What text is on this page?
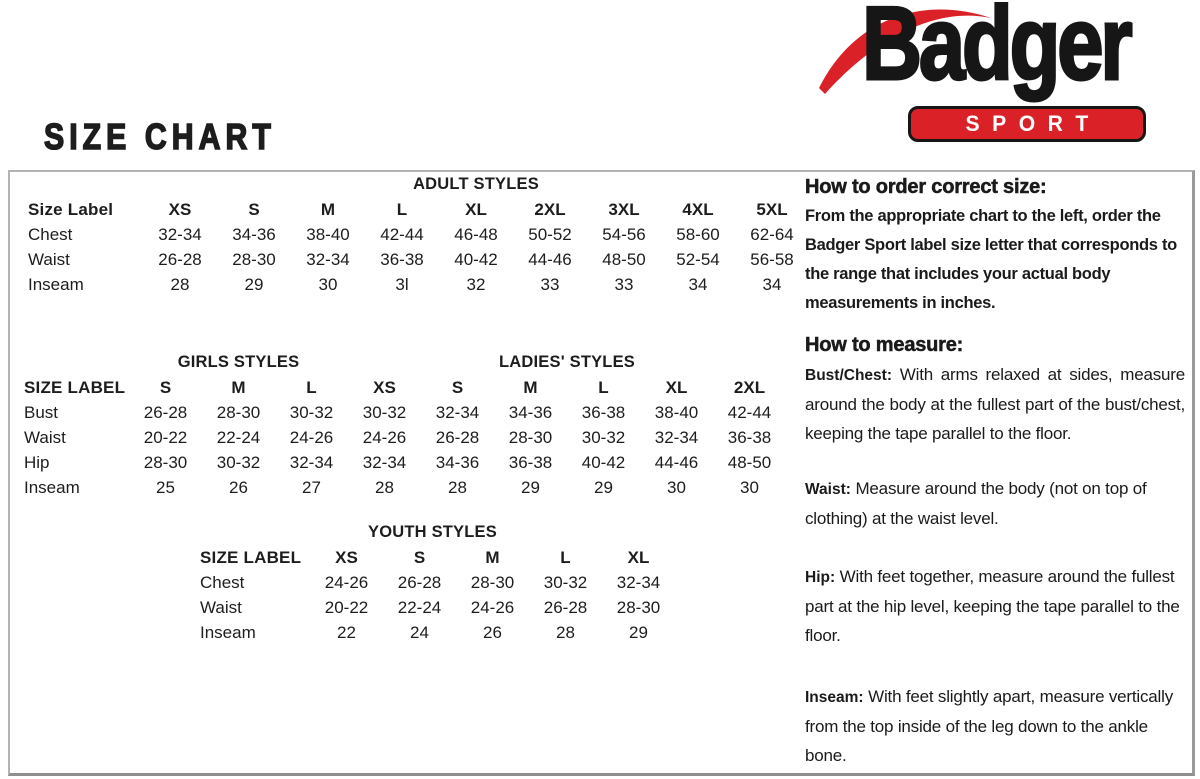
SIZE CHART
Badger
SPORT
ADULT STYLES
Size Label	XS	S	M	L	XL	2XL	3XL	4XL	5XL
Chest	32-34	34-36	38-40	42-44	46-48	50-52	54-56	58-60	62-64
Waist	26-28	28-30	32-34	36-38	40-42	44-46	48-50	52-54	56-58
Inseam	28	29	30	3l	32	33	33	34	34
GIRLS STYLES	LADIES' STYLES
SIZE LABEL	S	M	L	XS	S	M	L	XL	2XL
Bust	26-28	28-30	30-32	30-32	32-34	34-36	36-38	38-40	42-44
Waist	20-22	22-24	24-26	24-26	26-28	28-30	30-32	32-34	36-38
Hip	28-30	30-32	32-34	32-34	34-36	36-38	40-42	44-46	48-50
Inseam	25	26	27	28	28	29	29	30	30
YOUTH STYLES
SIZE LABEL	XS	S	M	L	XL
Chest	24-26	26-28	28-30	30-32	32-34
Waist	20-22	22-24	24-26	26-28	28-30
Inseam	22	24	26	28	29
How to order correct size:
From the appropriate chart to the left, order the Badger Sport label size letter that corresponds to the range that includes your actual body measurements in inches.
How to measure:
Bust/Chest: With arms relaxed at sides, measure around the body at the fullest part of the bust/chest, keeping the tape parallel to the floor.
Waist: Measure around the body (not on top of clothing) at the waist level.
Hip: With feet together, measure around the fullest part at the hip level, keeping the tape parallel to the floor.
Inseam: With feet slightly apart, measure vertically from the top inside of the leg down to the ankle bone.
